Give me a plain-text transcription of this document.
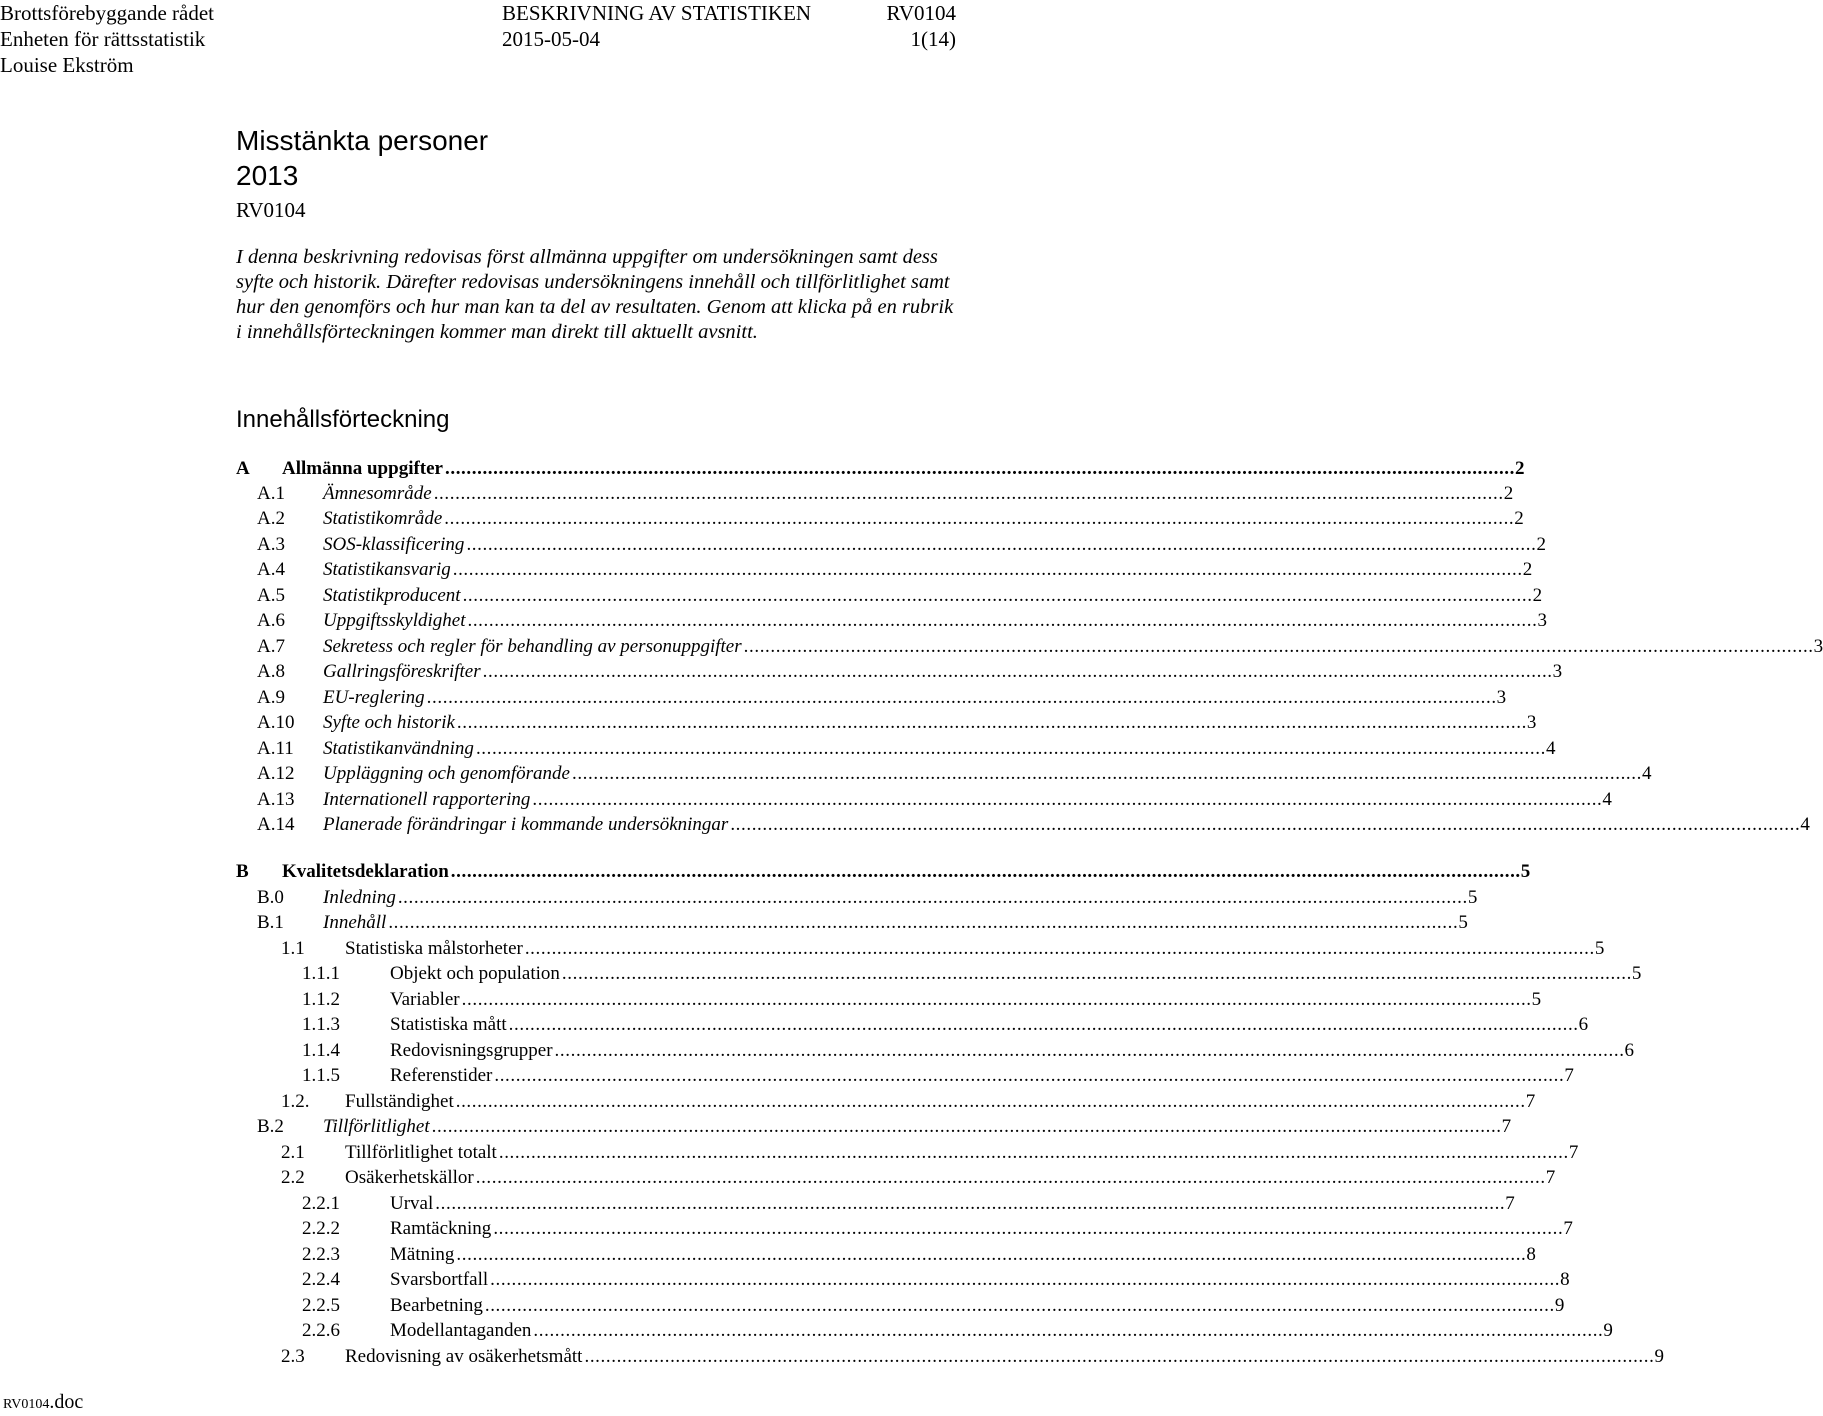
Brottsförebyggande rådet
Enheten för rättsstatistik
Louise Ekström
BESKRIVNING AV STATISTIKEN	RV0104
2015-05-04	1(14)
Misstänkta personer
2013
RV0104

I denna beskrivning redovisas först allmänna uppgifter om undersökningen samt dess syfte och historik. Därefter redovisas undersökningens innehåll och tillförlitlighet samt hur den genomförs och hur man kan ta del av resultaten. Genom att klicka på en rubrik i innehållsförteckningen kommer man direkt till aktuellt avsnitt.

Innehållsförteckning
A	Allmänna uppgifter ........................................................................................................................................................................................................ 2
A.1	Ämnesområde ........................................................................................................................................................................................................ 2
A.2	Statistikområde ........................................................................................................................................................................................................ 2
A.3	SOS-klassificering ........................................................................................................................................................................................................ 2
A.4	Statistikansvarig ........................................................................................................................................................................................................ 2
A.5	Statistikproducent ........................................................................................................................................................................................................ 2
A.6	Uppgiftsskyldighet ........................................................................................................................................................................................................ 3
A.7	Sekretess och regler för behandling av personuppgifter ........................................................................................................................................................................................................ 3
A.8	Gallringsföreskrifter ........................................................................................................................................................................................................ 3
A.9	EU-reglering ........................................................................................................................................................................................................ 3
A.10	Syfte och historik ........................................................................................................................................................................................................ 3
A.11	Statistikanvändning ........................................................................................................................................................................................................ 4
A.12	Uppläggning och genomförande ........................................................................................................................................................................................................ 4
A.13	Internationell rapportering ........................................................................................................................................................................................................ 4
A.14	Planerade förändringar i kommande undersökningar ........................................................................................................................................................................................................ 4
B	Kvalitetsdeklaration ........................................................................................................................................................................................................ 5
B.0	Inledning ........................................................................................................................................................................................................ 5
B.1	Innehåll ........................................................................................................................................................................................................ 5
1.1	Statistiska målstorheter ........................................................................................................................................................................................................ 5
1.1.1	Objekt och population ........................................................................................................................................................................................................ 5
1.1.2	Variabler ........................................................................................................................................................................................................ 5
1.1.3	Statistiska mått ........................................................................................................................................................................................................ 6
1.1.4	Redovisningsgrupper ........................................................................................................................................................................................................ 6
1.1.5	Referenstider ........................................................................................................................................................................................................ 7
1.2.	Fullständighet ........................................................................................................................................................................................................ 7
B.2	Tillförlitlighet ........................................................................................................................................................................................................ 7
2.1	Tillförlitlighet totalt ........................................................................................................................................................................................................ 7
2.2	Osäkerhetskällor ........................................................................................................................................................................................................ 7
2.2.1	Urval ........................................................................................................................................................................................................ 7
2.2.2	Ramtäckning ........................................................................................................................................................................................................ 7
2.2.3	Mätning ........................................................................................................................................................................................................ 8
2.2.4	Svarsbortfall ........................................................................................................................................................................................................ 8
2.2.5	Bearbetning ........................................................................................................................................................................................................ 9
2.2.6	Modellantaganden ........................................................................................................................................................................................................ 9
2.3	Redovisning av osäkerhetsmått ........................................................................................................................................................................................................ 9
RV0104.doc
